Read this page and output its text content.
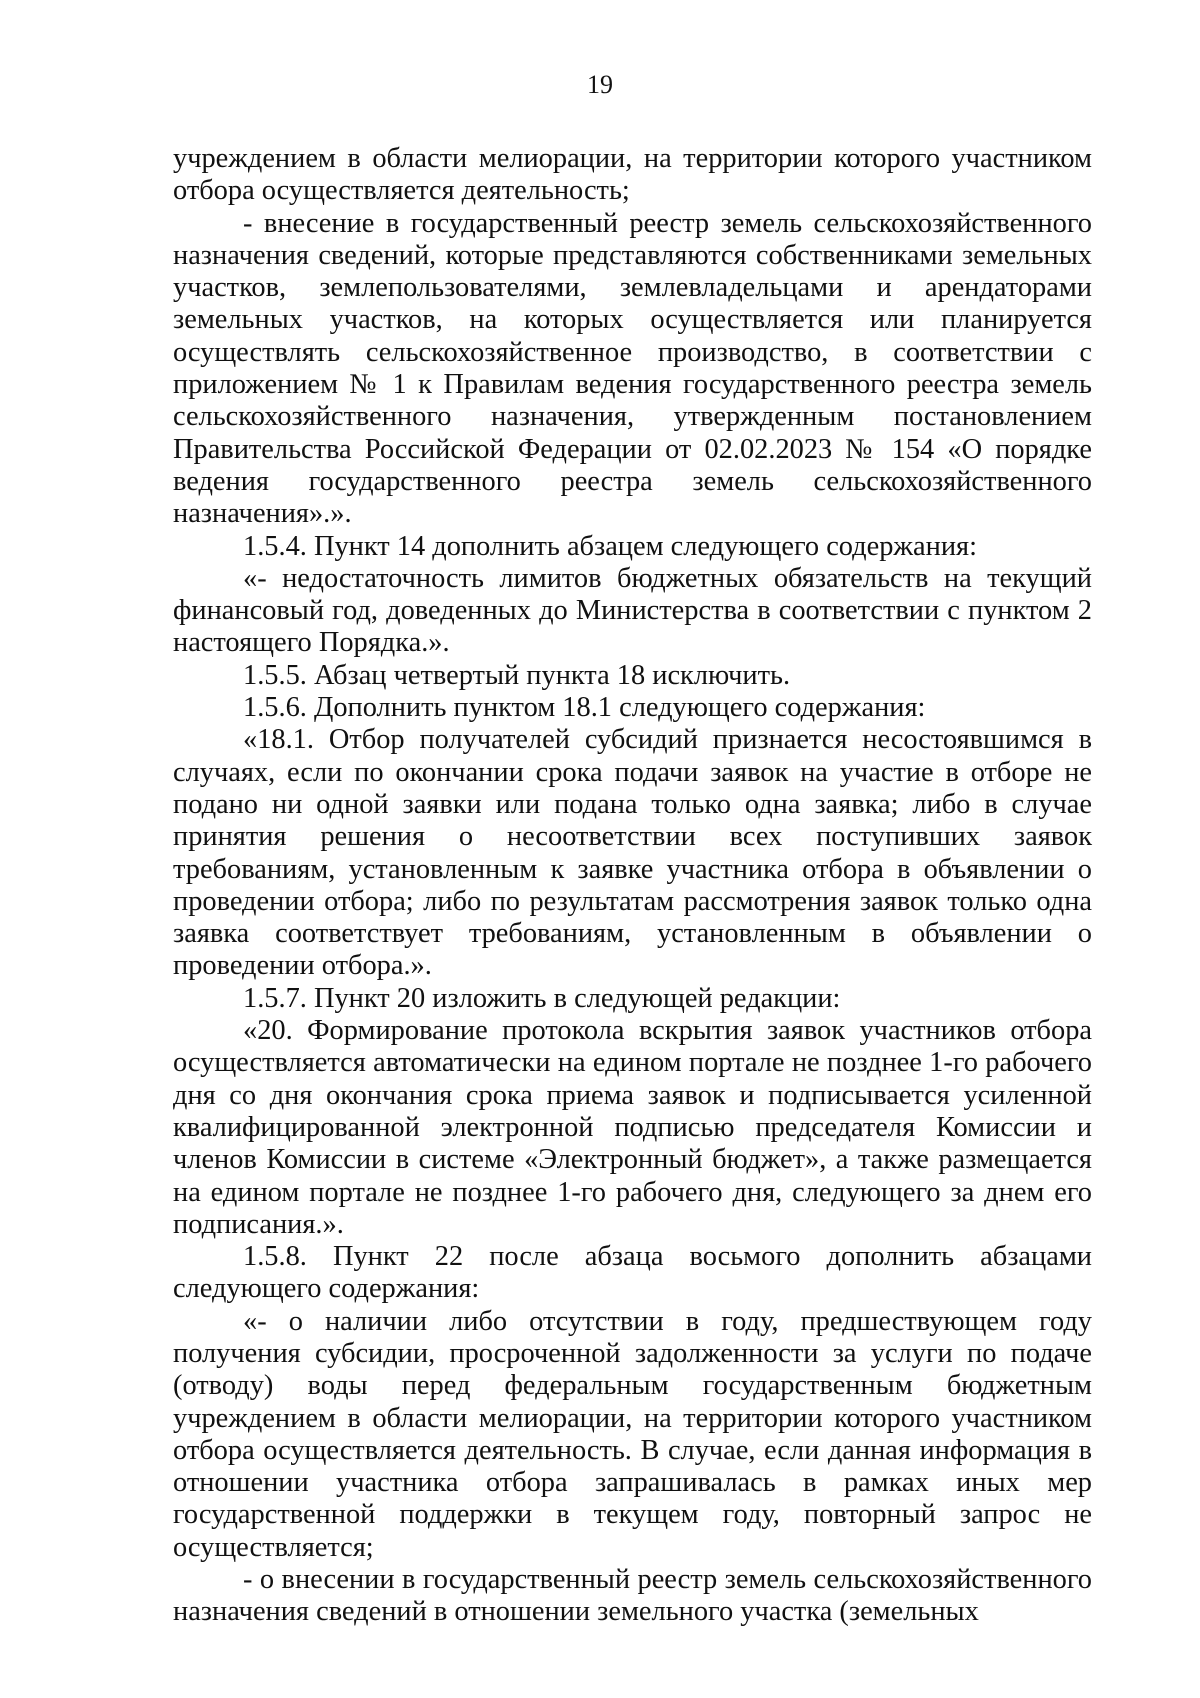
19

учреждением в области мелиорации, на территории которого участником отбора осуществляется деятельность;

- внесение в государственный реестр земель сельскохозяйственного назначения сведений, которые представляются собственниками земельных участков, землепользователями, землевладельцами и арендаторами земельных участков, на которых осуществляется или планируется осуществлять сельскохозяйственное производство, в соответствии с приложением № 1 к Правилам ведения государственного реестра земель сельскохозяйственного назначения, утвержденным постановлением Правительства Российской Федерации от 02.02.2023 № 154 «О порядке ведения государственного реестра земель сельскохозяйственного назначения».».

1.5.4. Пункт 14 дополнить абзацем следующего содержания:

«- недостаточность лимитов бюджетных обязательств на текущий финансовый год, доведенных до Министерства в соответствии с пунктом 2 настоящего Порядка.».

1.5.5. Абзац четвертый пункта 18 исключить.

1.5.6. Дополнить пунктом 18.1 следующего содержания:

«18.1. Отбор получателей субсидий признается несостоявшимся в случаях, если по окончании срока подачи заявок на участие в отборе не подано ни одной заявки или подана только одна заявка; либо в случае принятия решения о несоответствии всех поступивших заявок требованиям, установленным к заявке участника отбора в объявлении о проведении отбора; либо по результатам рассмотрения заявок только одна заявка соответствует требованиям, установленным в объявлении о проведении отбора.».

1.5.7. Пункт 20 изложить в следующей редакции:

«20. Формирование протокола вскрытия заявок участников отбора осуществляется автоматически на едином портале не позднее 1-го рабочего дня со дня окончания срока приема заявок и подписывается усиленной квалифицированной электронной подписью председателя Комиссии и членов Комиссии в системе «Электронный бюджет», а также размещается на едином портале не позднее 1-го рабочего дня, следующего за днем его подписания.».

1.5.8. Пункт 22 после абзаца восьмого дополнить абзацами следующего содержания:

«- о наличии либо отсутствии в году, предшествующем году получения субсидии, просроченной задолженности за услуги по подаче (отводу) воды перед федеральным государственным бюджетным учреждением в области мелиорации, на территории которого участником отбора осуществляется деятельность. В случае, если данная информация в отношении участника отбора запрашивалась в рамках иных мер государственной поддержки в текущем году, повторный запрос не осуществляется;

- о внесении в государственный реестр земель сельскохозяйственного назначения сведений в отношении земельного участка (земельных
